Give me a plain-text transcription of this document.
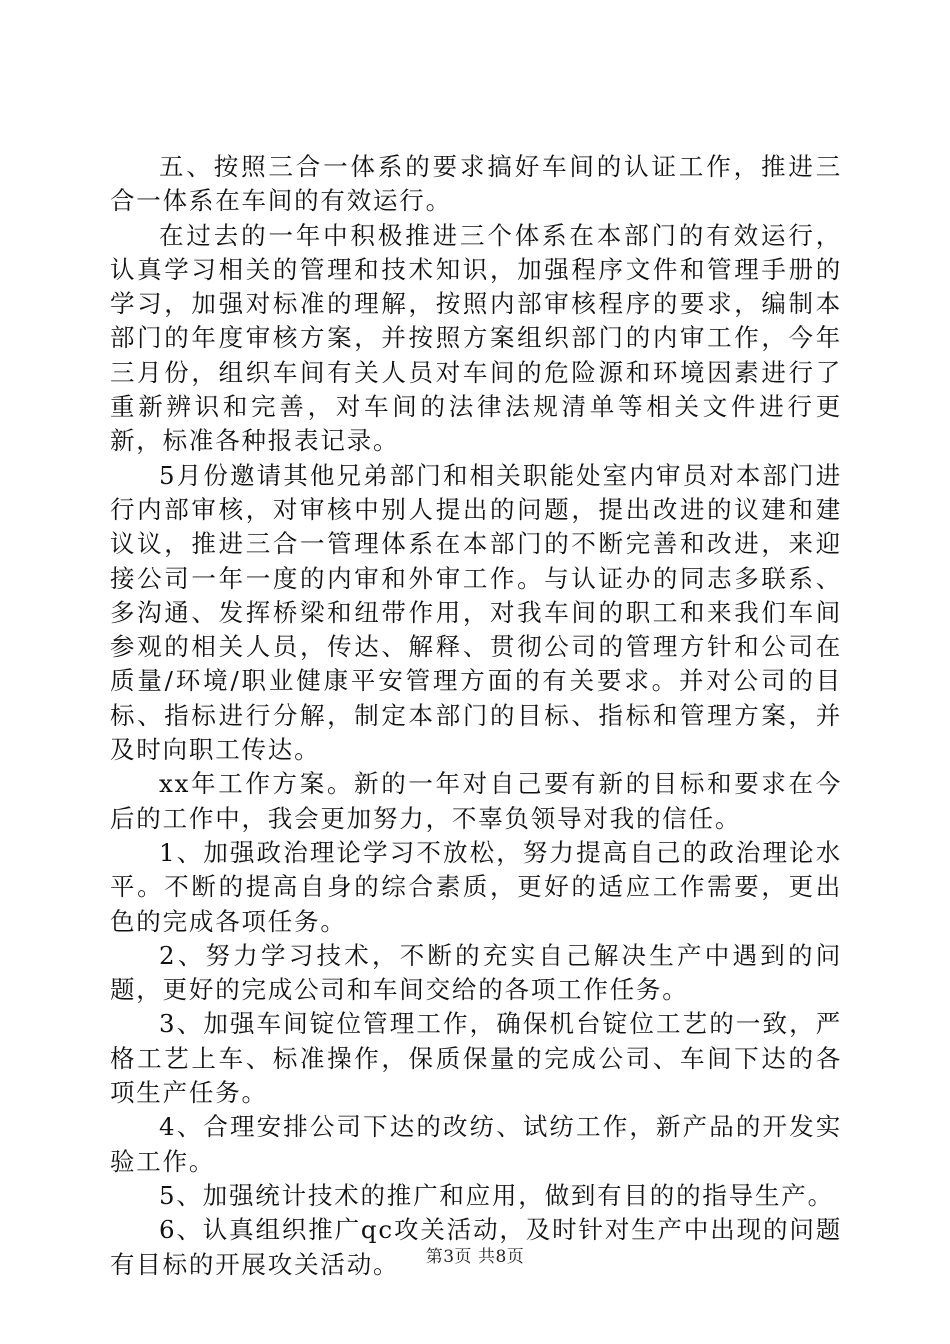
五、按照三合一体系的要求搞好车间的认证工作，推进三合一体系在车间的有效运行。

在过去的一年中积极推进三个体系在本部门的有效运行，认真学习相关的管理和技术知识，加强程序文件和管理手册的学习，加强对标准的理解，按照内部审核程序的要求，编制本部门的年度审核方案，并按照方案组织部门的内审工作，今年三月份，组织车间有关人员对车间的危险源和环境因素进行了重新辨识和完善，对车间的法律法规清单等相关文件进行更新，标准各种报表记录。

5月份邀请其他兄弟部门和相关职能处室内审员对本部门进行内部审核，对审核中别人提出的问题，提出改进的议建和建议议，推进三合一管理体系在本部门的不断完善和改进，来迎接公司一年一度的内审和外审工作。与认证办的同志多联系、多沟通、发挥桥梁和纽带作用，对我车间的职工和来我们车间参观的相关人员，传达、解释、贯彻公司的管理方针和公司在质量/环境/职业健康平安管理方面的有关要求。并对公司的目标、指标进行分解，制定本部门的目标、指标和管理方案，并及时向职工传达。

xx年工作方案。新的一年对自己要有新的目标和要求在今后的工作中，我会更加努力，不辜负领导对我的信任。

1、加强政治理论学习不放松，努力提高自己的政治理论水平。不断的提高自身的综合素质，更好的适应工作需要，更出色的完成各项任务。

2、努力学习技术，不断的充实自己解决生产中遇到的问题，更好的完成公司和车间交给的各项工作任务。

3、加强车间锭位管理工作，确保机台锭位工艺的一致，严格工艺上车、标准操作，保质保量的完成公司、车间下达的各项生产任务。

4、合理安排公司下达的改纺、试纺工作，新产品的开发实验工作。

5、加强统计技术的推广和应用，做到有目的的指导生产。

6、认真组织推广qc攻关活动，及时针对生产中出现的问题有目标的开展攻关活动。	第3页 共8页
